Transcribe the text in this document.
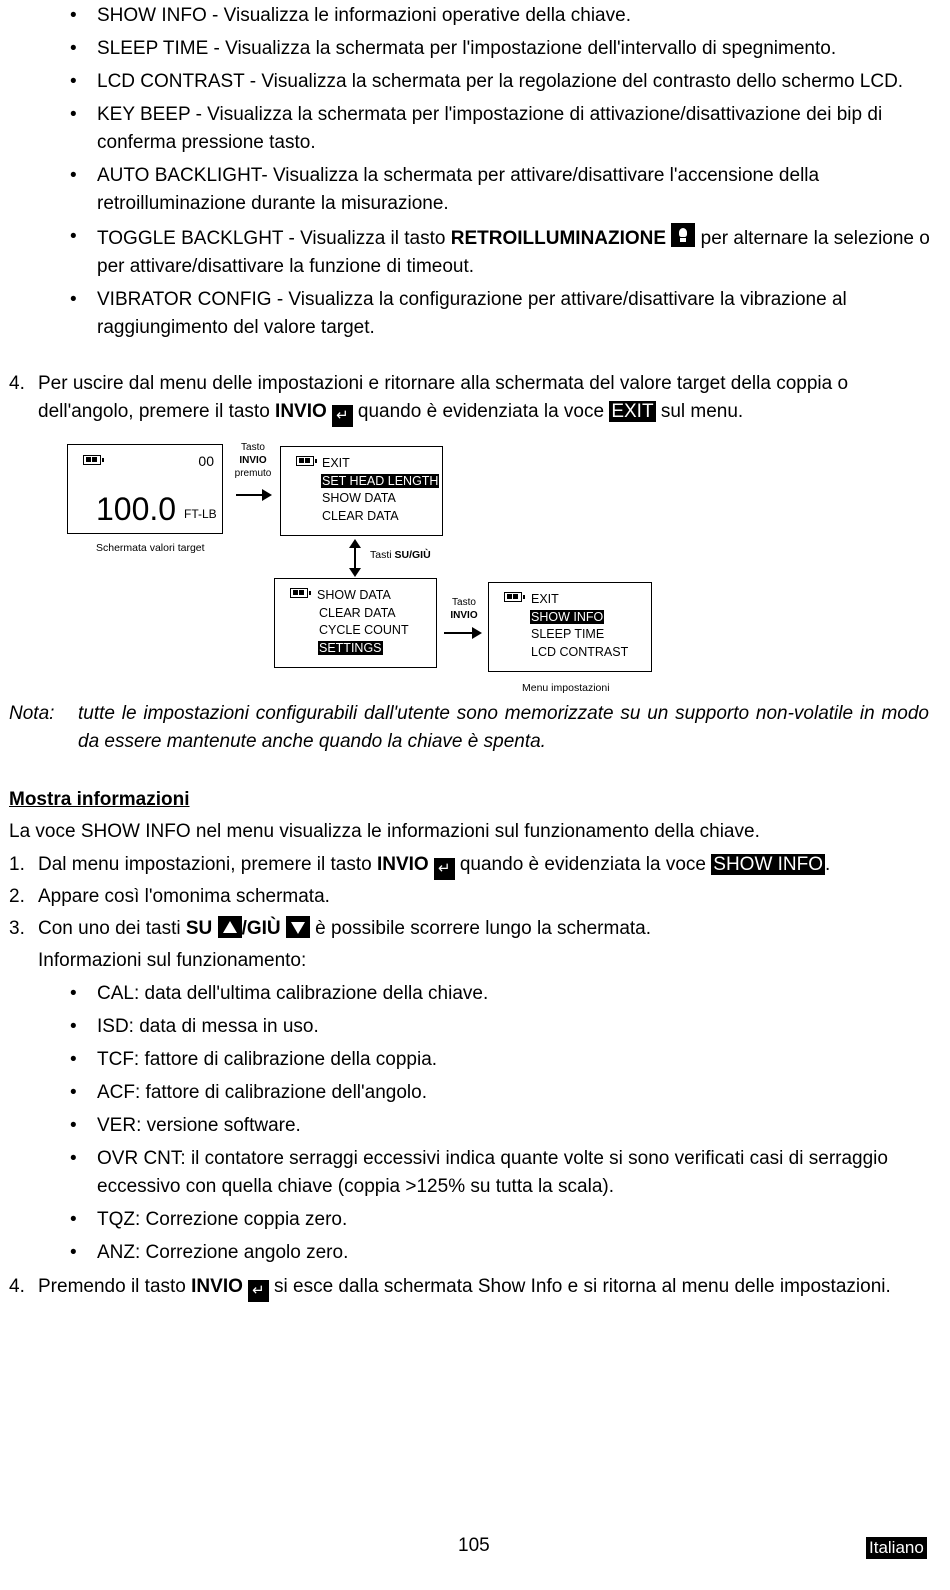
• SHOW INFO - Visualizza le informazioni operative della chiave.
• SLEEP TIME - Visualizza la schermata per l'impostazione dell'intervallo di spegnimento.
• LCD CONTRAST - Visualizza la schermata per la regolazione del contrasto dello schermo LCD.
• KEY BEEP - Visualizza la schermata per l'impostazione di attivazione/disattivazione dei bip di conferma pressione tasto.
• AUTO BACKLIGHT- Visualizza la schermata per attivare/disattivare l'accensione della retroilluminazione durante la misurazione.
• TOGGLE BACKLGHT - Visualizza il tasto RETROILLUMINAZIONE  per alternare la selezione o per attivare/disattivare la funzione di timeout.
• VIBRATOR CONFIG - Visualizza la configurazione per attivare/disattivare la vibrazione al raggiungimento del valore target.
4. Per uscire dal menu delle impostazioni e ritornare alla schermata del valore target della coppia o dell'angolo, premere il tasto INVIO ↵ quando è evidenziata la voce EXIT sul menu.
00
100.0 FT-LB
Schermata valori target
Tasto
INVIO
premuto
EXIT
SET HEAD LENGTH
SHOW DATA
CLEAR DATA
Tasti SU/GIÙ
SHOW DATA
CLEAR DATA
CYCLE COUNT
SETTINGS
Tasto
INVIO
EXIT
SHOW INFO
SLEEP TIME
LCD CONTRAST
Menu impostazioni
Nota: tutte le impostazioni configurabili dall'utente sono memorizzate su un supporto non-volatile in modo da essere mantenute anche quando la chiave è spenta.
Mostra informazioni
La voce SHOW INFO nel menu visualizza le informazioni sul funzionamento della chiave.
1. Dal menu impostazioni, premere il tasto INVIO ↵ quando è evidenziata la voce SHOW INFO .
2. Appare così l'omonima schermata.
3. Con uno dei tasti SU /GIÙ  è possibile scorrere lungo la schermata.
Informazioni sul funzionamento:
• CAL: data dell'ultima calibrazione della chiave.
• ISD: data di messa in uso.
• TCF: fattore di calibrazione della coppia.
• ACF: fattore di calibrazione dell'angolo.
• VER: versione software.
• OVR CNT: il contatore serraggi eccessivi indica quante volte si sono verificati casi di serraggio eccessivo con quella chiave (coppia >125% su tutta la scala).
• TQZ: Correzione coppia zero.
• ANZ: Correzione angolo zero.
4. Premendo il tasto INVIO ↵ si esce dalla schermata Show Info e si ritorna al menu delle impostazioni.
105	Italiano
